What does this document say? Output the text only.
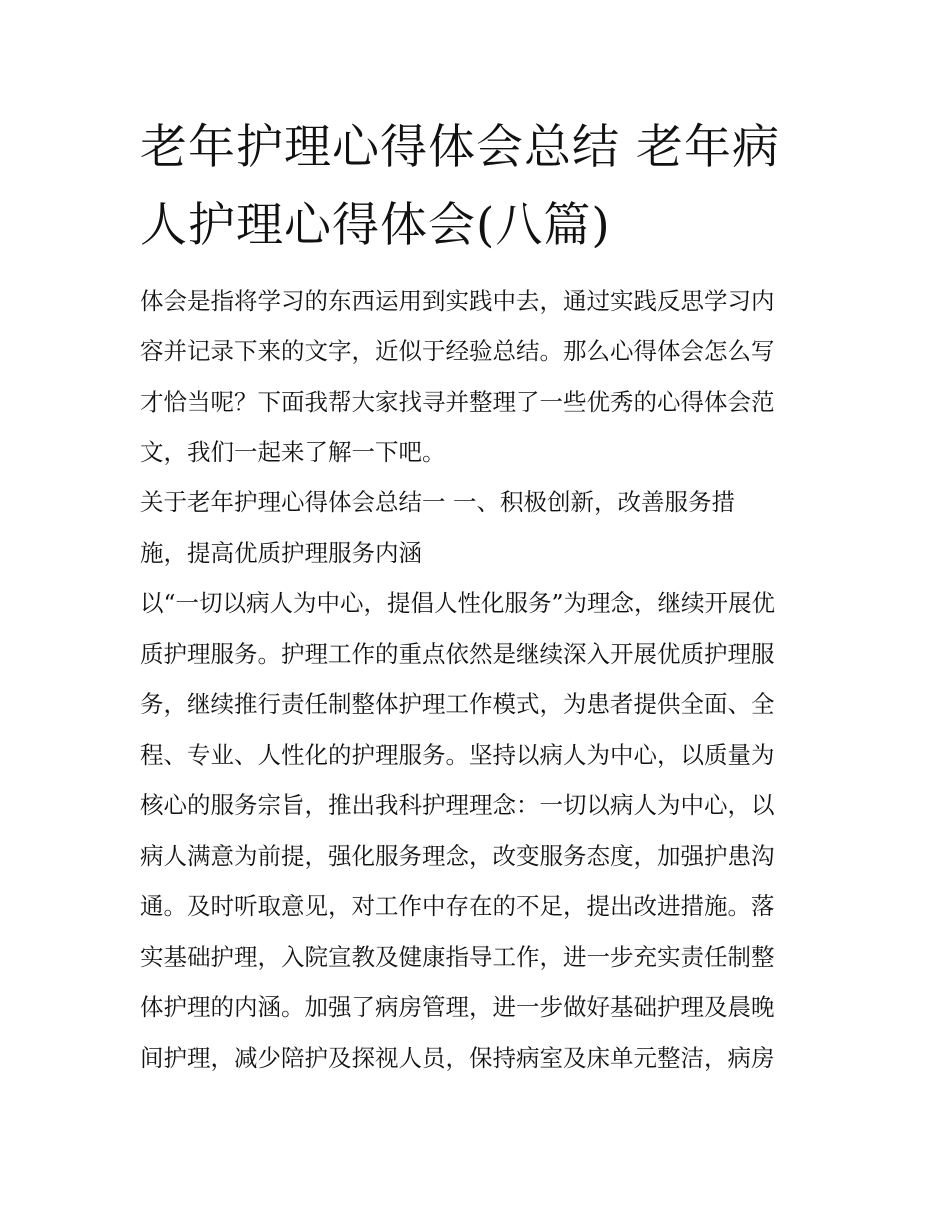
老年护理心得体会总结 老年病
人护理心得体会(八篇)
体会是指将学习的东西运用到实践中去，通过实践反思学习内
容并记录下来的文字，近似于经验总结。那么心得体会怎么写
才恰当呢？下面我帮大家找寻并整理了一些优秀的心得体会范
文，我们一起来了解一下吧。
关于老年护理心得体会总结一 一、积极创新，改善服务措
施，提高优质护理服务内涵
以“一切以病人为中心，提倡人性化服务”为理念，继续开展优
质护理服务。护理工作的重点依然是继续深入开展优质护理服
务，继续推行责任制整体护理工作模式，为患者提供全面、全
程、专业、人性化的护理服务。坚持以病人为中心，以质量为
核心的服务宗旨，推出我科护理理念：一切以病人为中心，以
病人满意为前提，强化服务理念，改变服务态度，加强护患沟
通。及时听取意见，对工作中存在的不足，提出改进措施。落
实基础护理，入院宣教及健康指导工作，进一步充实责任制整
体护理的内涵。加强了病房管理，进一步做好基础护理及晨晚
间护理，减少陪护及探视人员，保持病室及床单元整洁，病房
